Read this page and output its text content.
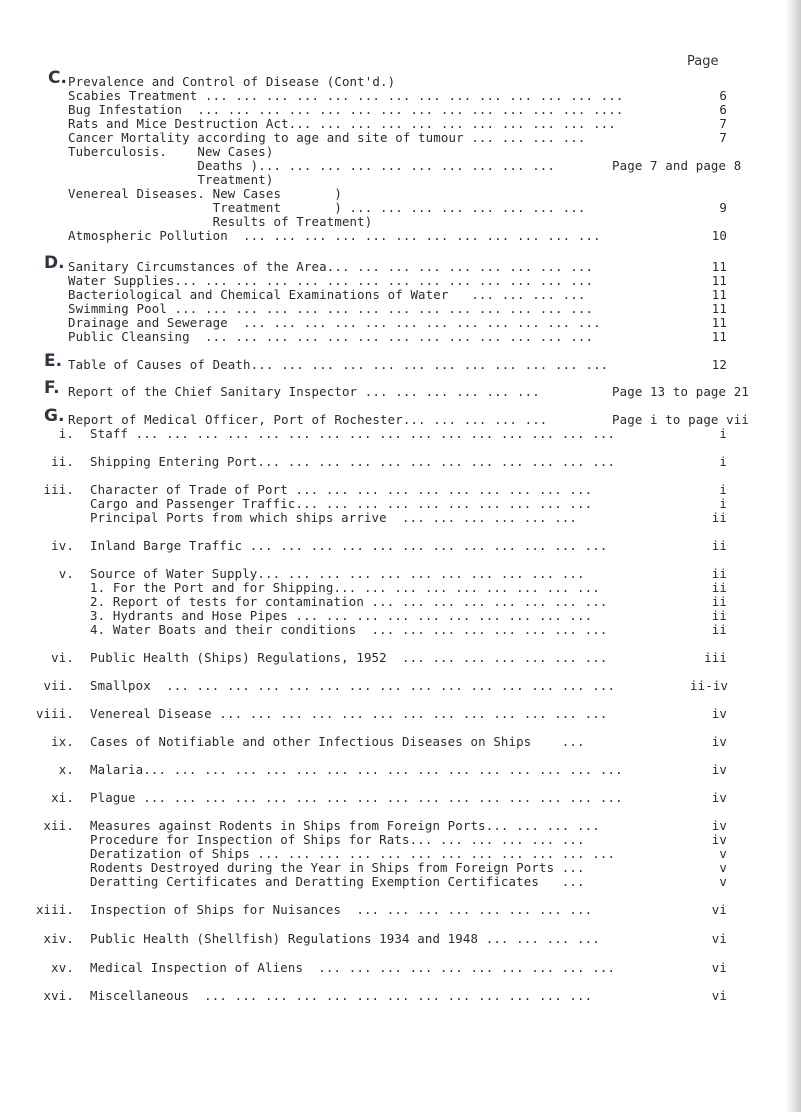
Page
C. Prevalence and Control of Disease (Cont'd.)
Scabies Treatment ... ... ... ... ... ... ... ... ... ... ... ... ... ...	6
Bug Infestation  ... ... ... ... ... ... ... ... ... ... ... ... ... ....	6
Rats and Mice Destruction Act... ... ... ... ... ... ... ... ... ... ...	7
Cancer Mortality according to age and site of tumour ... ... ... ...	7
Tuberculosis.    New Cases)
Deaths )... ... ... ... ... ... ... ... ... ...	Page 7 and page 8
Treatment)
Venereal Diseases. New Cases       )
Treatment       ) ... ... ... ... ... ... ... ...	9
Results of Treatment)
Atmospheric Pollution  ... ... ... ... ... ... ... ... ... ... ... ...	10
D. Sanitary Circumstances of the Area... ... ... ... ... ... ... ... ...	11
Water Supplies... ... ... ... ... ... ... ... ... ... ... ... ... ...	11
Bacteriological and Chemical Examinations of Water   ... ... ... ...	11
Swimming Pool ... ... ... ... ... ... ... ... ... ... ... ... ... ...	11
Drainage and Sewerage  ... ... ... ... ... ... ... ... ... ... ... ...	11
Public Cleansing  ... ... ... ... ... ... ... ... ... ... ... ... ...	11
E. Table of Causes of Death... ... ... ... ... ... ... ... ... ... ... ...	12
F. Report of the Chief Sanitary Inspector ... ... ... ... ... ...	Page 13 to page 21
G. Report of Medical Officer, Port of Rochester... ... ... ... ...	Page i to page vii
i. Staff ... ... ... ... ... ... ... ... ... ... ... ... ... ... ... ...	i
ii. Shipping Entering Port... ... ... ... ... ... ... ... ... ... ... ...	i
iii. Character of Trade of Port ... ... ... ... ... ... ... ... ... ...	i
Cargo and Passenger Traffic... ... ... ... ... ... ... ... ... ...	i
Principal Ports from which ships arrive  ... ... ... ... ... ...	ii
iv. Inland Barge Traffic ... ... ... ... ... ... ... ... ... ... ... ...	ii
v. Source of Water Supply... ... ... ... ... ... ... ... ... ... ...	ii
1. For the Port and for Shipping... ... ... ... ... ... ... ... ...	ii
2. Report of tests for contamination ... ... ... ... ... ... ... ...	ii
3. Hydrants and Hose Pipes ... ... ... ... ... ... ... ... ... ...	ii
4. Water Boats and their conditions  ... ... ... ... ... ... ... ...	ii
vi. Public Health (Ships) Regulations, 1952  ... ... ... ... ... ... ...	iii
vii. Smallpox  ... ... ... ... ... ... ... ... ... ... ... ... ... ... ...	ii-iv
viii. Venereal Disease ... ... ... ... ... ... ... ... ... ... ... ... ...	iv
ix. Cases of Notifiable and other Infectious Diseases on Ships    ...	iv
x. Malaria... ... ... ... ... ... ... ... ... ... ... ... ... ... ... ...	iv
xi. Plague ... ... ... ... ... ... ... ... ... ... ... ... ... ... ... ...	iv
xii. Measures against Rodents in Ships from Foreign Ports... ... ... ...	iv
Procedure for Inspection of Ships for Rats... ... ... ... ... ...	iv
Deratization of Ships ... ... ... ... ... ... ... ... ... ... ... ...	v
Rodents Destroyed during the Year in Ships from Foreign Ports ...	v
Deratting Certificates and Deratting Exemption Certificates   ...	v
xiii. Inspection of Ships for Nuisances  ... ... ... ... ... ... ... ...	vi
xiv. Public Health (Shellfish) Regulations 1934 and 1948 ... ... ... ...	vi
xv. Medical Inspection of Aliens  ... ... ... ... ... ... ... ... ... ...	vi
xvi. Miscellaneous  ... ... ... ... ... ... ... ... ... ... ... ... ...	vi
